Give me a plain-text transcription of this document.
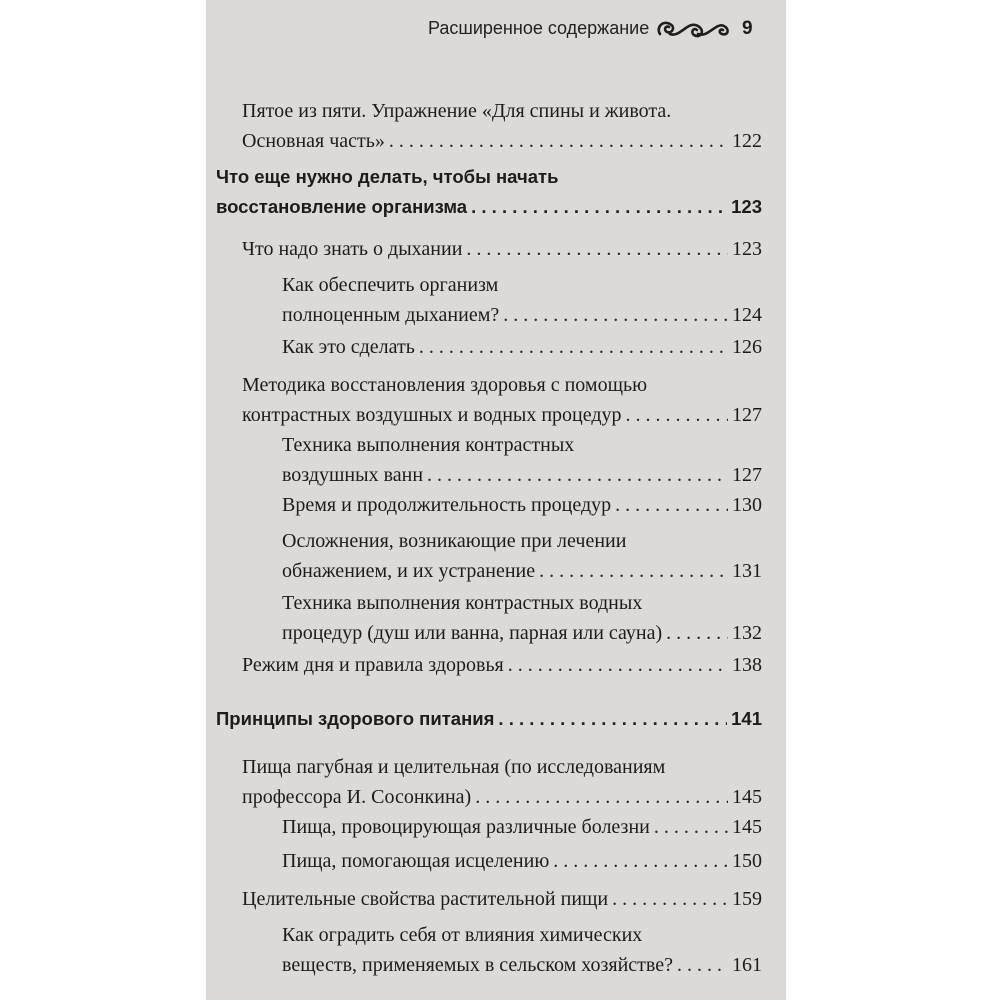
Расширенное содержание	9
Пятое из пяти. Упражнение «Для спины и живота.
Основная часть» . . .	122
Что еще нужно делать, чтобы начать
восстановление организма . . .	123
Что надо знать о дыхании . . .	123
Как обеспечить организм
полноценным дыханием? . . .	124
Как это сделать . . .	126
Методика восстановления здоровья с помощью
контрастных воздушных и водных процедур . . .	127
Техника выполнения контрастных
воздушных ванн . . .	127
Время и продолжительность процедур . . .	130
Осложнения, возникающие при лечении
обнажением, и их устранение . . .	131
Техника выполнения контрастных водных
процедур (душ или ванна, парная или сауна) . . .	132
Режим дня и правила здоровья . . .	138
Принципы здорового питания . . .	141
Пища пагубная и целительная (по исследованиям
профессора И. Сосонкина) . . .	145
Пища, провоцирующая различные болезни . . .	145
Пища, помогающая исцелению . . .	150
Целительные свойства растительной пищи . . .	159
Как оградить себя от влияния химических
веществ, применяемых в сельском хозяйстве? . . .	161
